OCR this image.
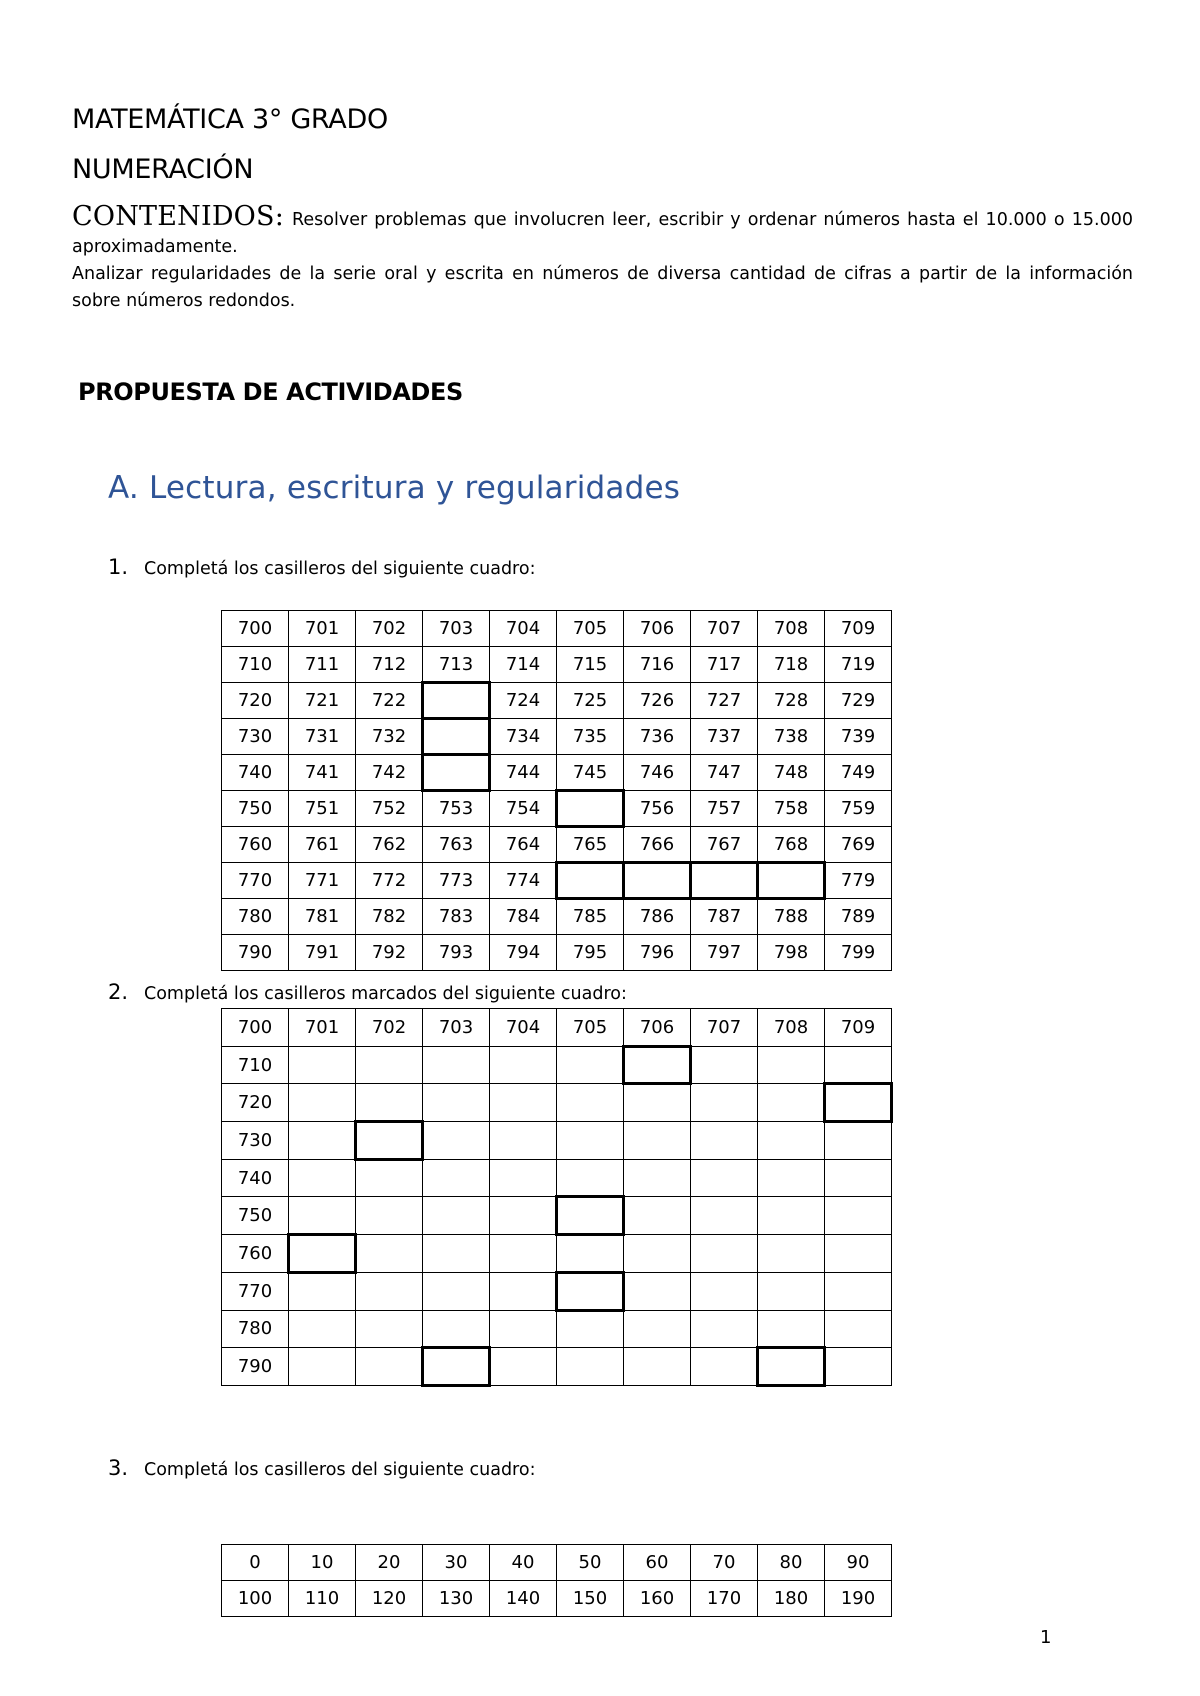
MATEMÁTICA 3° GRADO
NUMERACIÓN
CONTENIDOS: Resolver problemas que involucren leer, escribir y ordenar números hasta el 10.000 o 15.000 aproximadamente.
Analizar regularidades de la serie oral y escrita en números de diversa cantidad de cifras a partir de la información sobre números redondos.
PROPUESTA DE ACTIVIDADES
A. Lectura, escritura y regularidades
1. Completá los casilleros del siguiente cuadro:
700	701	702	703	704	705	706	707	708	709
710	711	712	713	714	715	716	717	718	719
720	721	722		724	725	726	727	728	729
730	731	732		734	735	736	737	738	739
740	741	742		744	745	746	747	748	749
750	751	752	753	754		756	757	758	759
760	761	762	763	764	765	766	767	768	769
770	771	772	773	774					779
780	781	782	783	784	785	786	787	788	789
790	791	792	793	794	795	796	797	798	799
2. Completá los casilleros marcados del siguiente cuadro:
700	701	702	703	704	705	706	707	708	709
710									
720									
730									
740									
750									
760									
770									
780									
790									
3. Completá los casilleros del siguiente cuadro:
0	10	20	30	40	50	60	70	80	90
100	110	120	130	140	150	160	170	180	190
1
